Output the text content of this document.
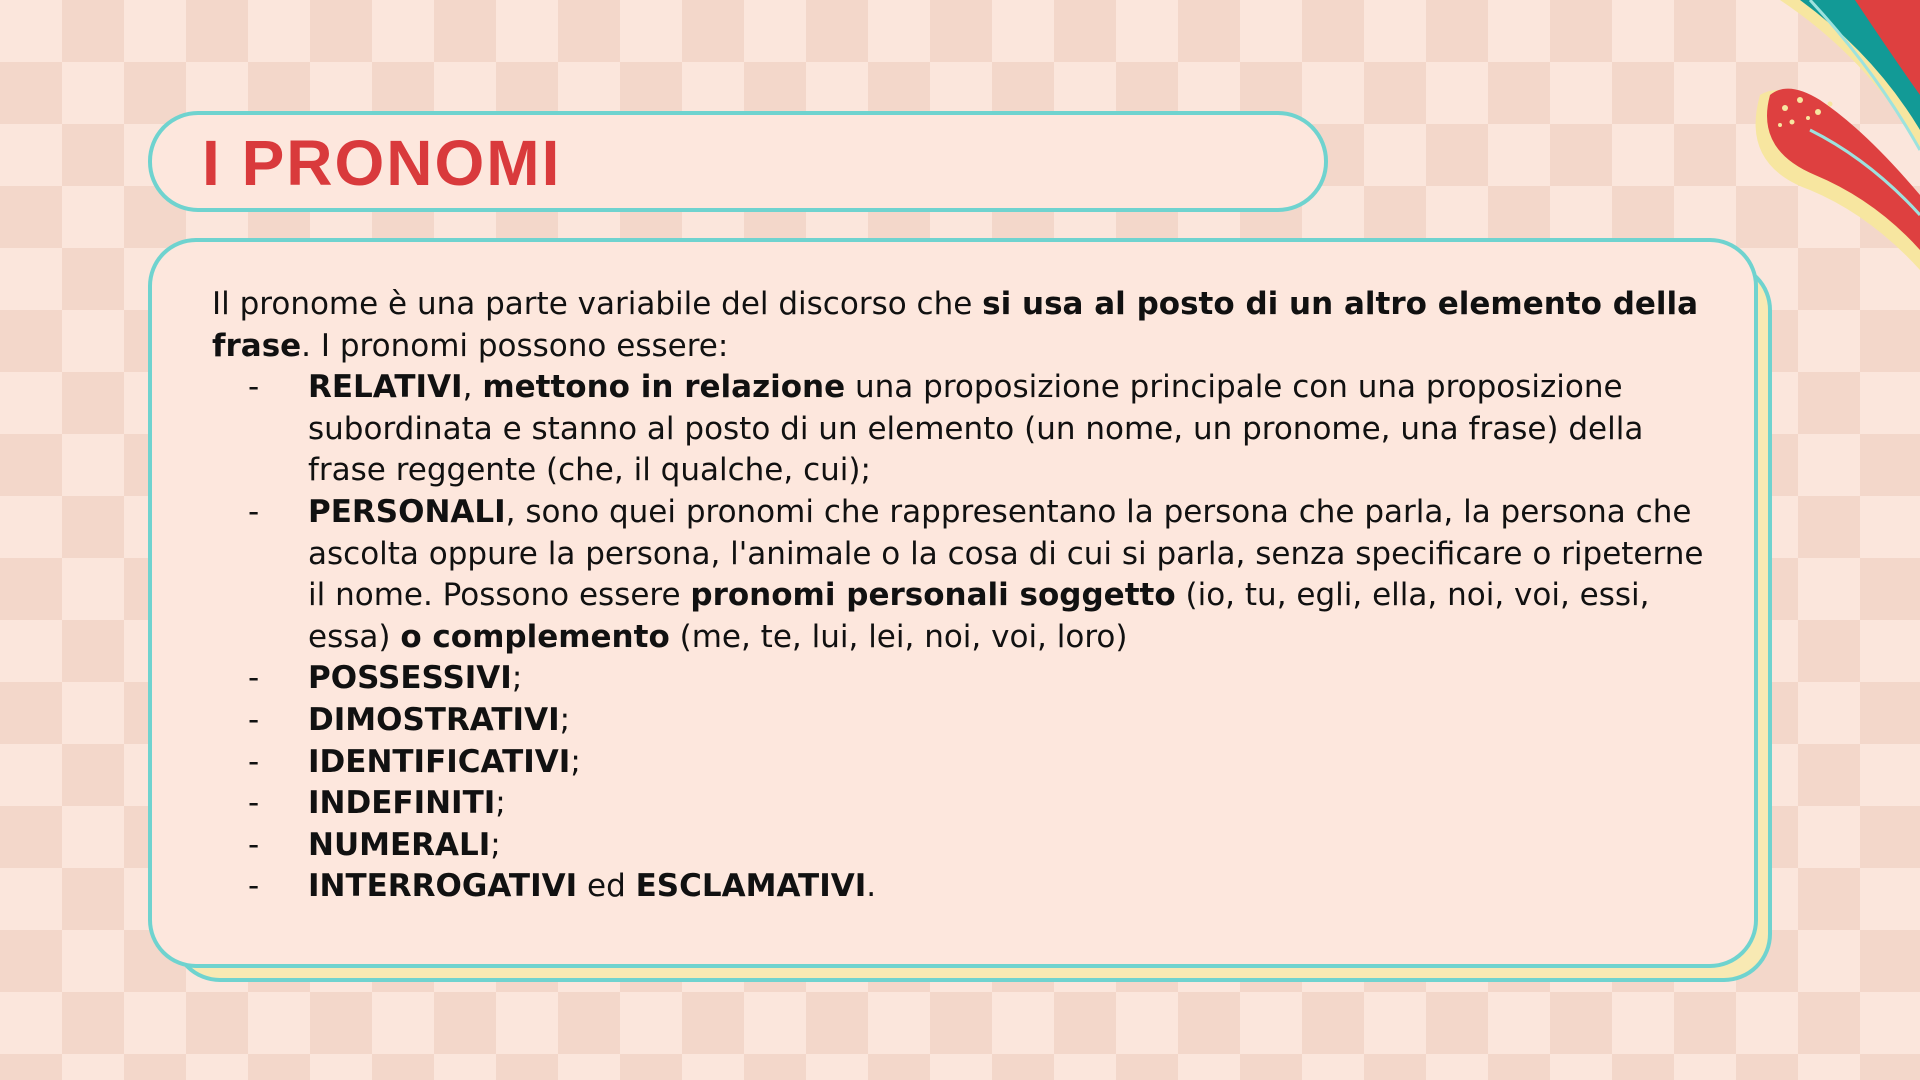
I PRONOMI

Il pronome è una parte variabile del discorso che si usa al posto di un altro elemento della frase. I pronomi possono essere:

- RELATIVI, mettono in relazione una proposizione principale con una proposizione subordinata e stanno al posto di un elemento (un nome, un pronome, una frase) della frase reggente (che, il qualche, cui);
- PERSONALI, sono quei pronomi che rappresentano la persona che parla, la persona che ascolta oppure la persona, l'animale o la cosa di cui si parla, senza specificare o ripeterne il nome. Possono essere pronomi personali soggetto (io, tu, egli, ella, noi, voi, essi, essa) o complemento (me, te, lui, lei, noi, voi, loro)
- POSSESSIVI;
- DIMOSTRATIVI;
- IDENTIFICATIVI;
- INDEFINITI;
- NUMERALI;
- INTERROGATIVI ed ESCLAMATIVI.
